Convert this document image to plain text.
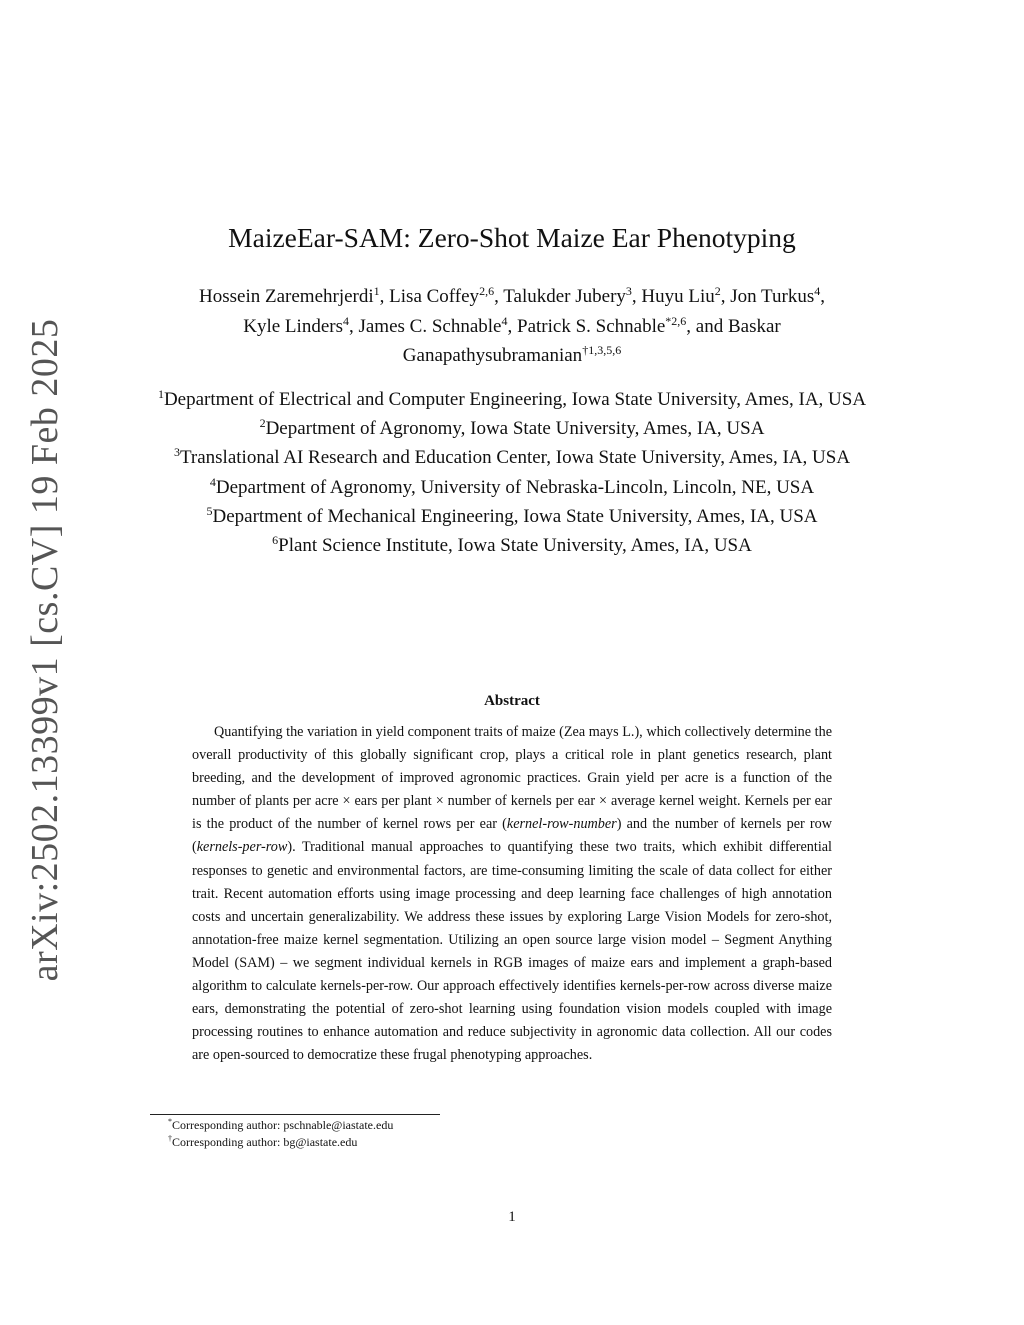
arXiv:2502.13399v1 [cs.CV] 19 Feb 2025
MaizeEar-SAM: Zero-Shot Maize Ear Phenotyping
Hossein Zaremehrjerdi$^1$, Lisa Coffey$^{2,6}$, Talukder Jubery$^3$, Huyu Liu$^2$, Jon Turkus$^4$,
Kyle Linders$^4$, James C. Schnable$^4$, Patrick S. Schnable$^{*2,6}$, and Baskar
Ganapathysubramanian$^{\dagger 1,3,5,6}$
$^1$Department of Electrical and Computer Engineering, Iowa State University, Ames, IA, USA
$^2$Department of Agronomy, Iowa State University, Ames, IA, USA
$^3$Translational AI Research and Education Center, Iowa State University, Ames, IA, USA
$^4$Department of Agronomy, University of Nebraska-Lincoln, Lincoln, NE, USA
$^5$Department of Mechanical Engineering, Iowa State University, Ames, IA, USA
$^6$Plant Science Institute, Iowa State University, Ames, IA, USA
Abstract

Quantifying the variation in yield component traits of maize (Zea mays L.), which collectively determine the overall productivity of this globally significant crop, plays a critical role in plant genetics research, plant breeding, and the development of improved agronomic practices. Grain yield per acre is a function of the number of plants per acre × ears per plant × number of kernels per ear × average kernel weight. Kernels per ear is the product of the number of kernel rows per ear (kernel-row-number) and the number of kernels per row (kernels-per-row). Traditional manual approaches to quantifying these two traits, which exhibit differential responses to genetic and environmental factors, are time-consuming limiting the scale of data collect for either trait. Recent automation efforts using image processing and deep learning face challenges of high annotation costs and uncertain generalizability. We address these issues by exploring Large Vision Models for zero-shot, annotation-free maize kernel segmentation. Utilizing an open source large vision model – Segment Anything Model (SAM) – we segment individual kernels in RGB images of maize ears and implement a graph-based algorithm to calculate kernels-per-row. Our approach effectively identifies kernels-per-row across diverse maize ears, demonstrating the potential of zero-shot learning using foundation vision models coupled with image processing routines to enhance automation and reduce subjectivity in agronomic data collection. All our codes are open-sourced to democratize these frugal phenotyping approaches.

*Corresponding author: pschnable@iastate.edu
†Corresponding author: bg@iastate.edu
1
